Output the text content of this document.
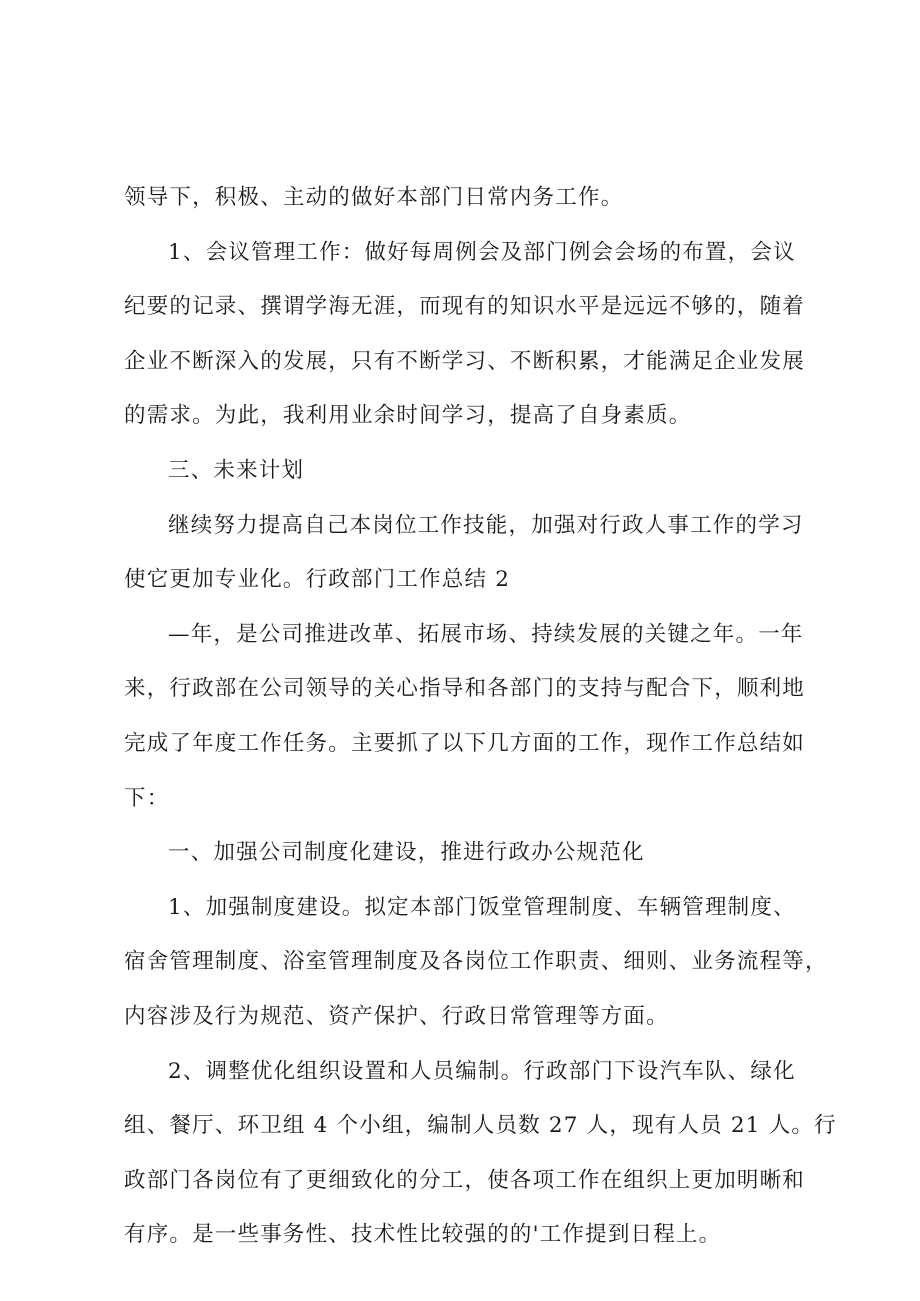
领导下，积极、主动的做好本部门日常内务工作。
1、会议管理工作：做好每周例会及部门例会会场的布置，会议
纪要的记录、撰谓学海无涯，而现有的知识水平是远远不够的，随着
企业不断深入的发展，只有不断学习、不断积累，才能满足企业发展
的需求。为此，我利用业余时间学习，提高了自身素质。
三、未来计划
继续努力提高自己本岗位工作技能，加强对行政人事工作的学习
使它更加专业化。行政部门工作总结 2
—年，是公司推进改革、拓展市场、持续发展的关键之年。一年
来，行政部在公司领导的关心指导和各部门的支持与配合下，顺利地
完成了年度工作任务。主要抓了以下几方面的工作，现作工作总结如
下：
一、加强公司制度化建设，推进行政办公规范化
1、加强制度建设。拟定本部门饭堂管理制度、车辆管理制度、
宿舍管理制度、浴室管理制度及各岗位工作职责、细则、业务流程等，
内容涉及行为规范、资产保护、行政日常管理等方面。
2、调整优化组织设置和人员编制。行政部门下设汽车队、绿化
组、餐厅、环卫组 4 个小组，编制人员数 27 人，现有人员 21 人。行
政部门各岗位有了更细致化的分工，使各项工作在组织上更加明晰和
有序。是一些事务性、技术性比较强的的'工作提到日程上。
